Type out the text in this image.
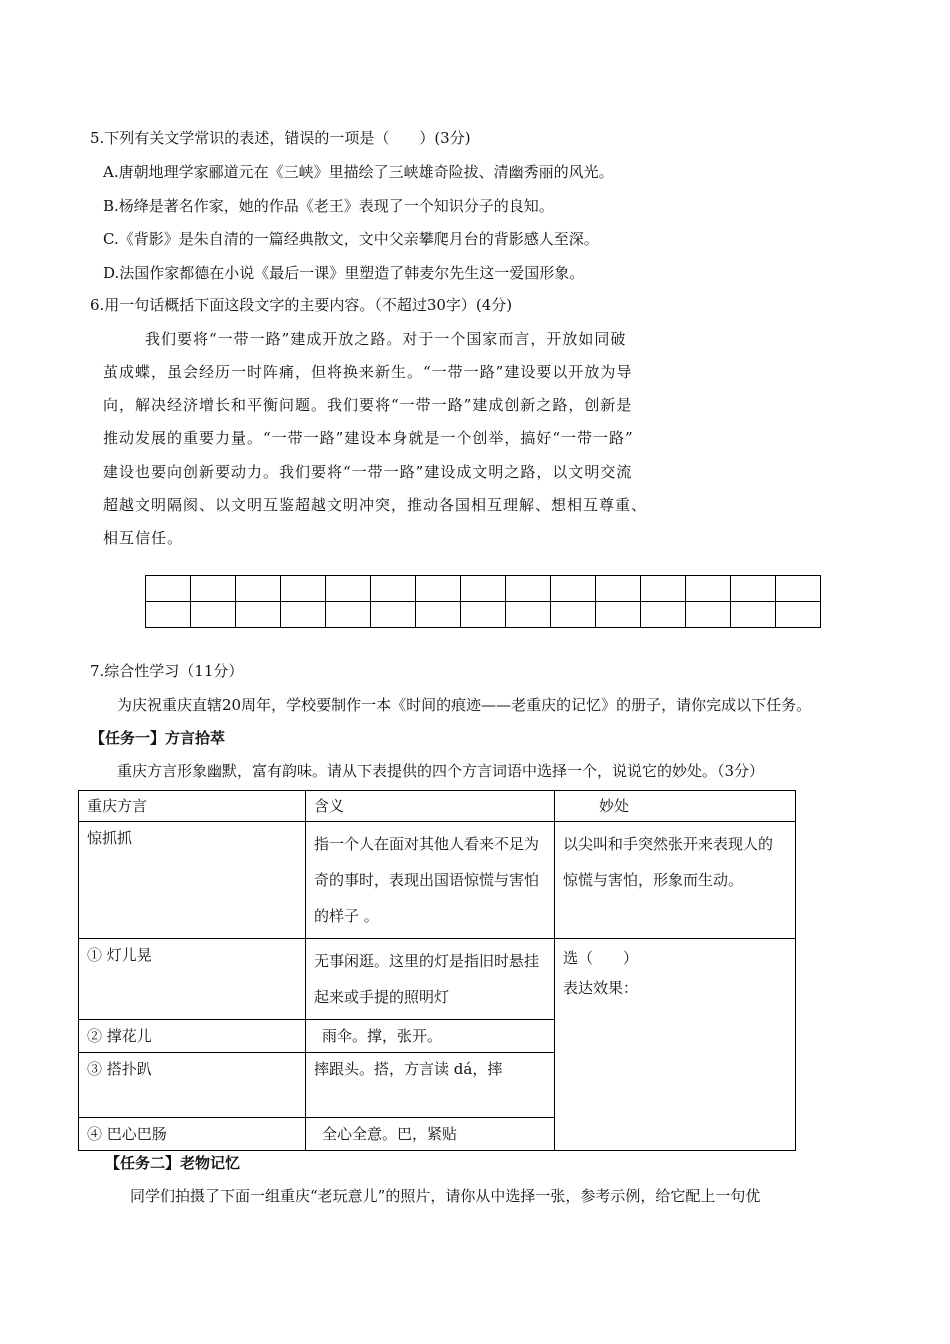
5.下列有关文学常识的表述，错误的一项是（　　）(3分)
A.唐朝地理学家郦道元在《三峡》里描绘了三峡雄奇险拔、清幽秀丽的风光。
B.杨绛是著名作家，她的作品《老王》表现了一个知识分子的良知。
C.《背影》是朱自清的一篇经典散文，文中父亲攀爬月台的背影感人至深。
D.法国作家都德在小说《最后一课》里塑造了韩麦尔先生这一爱国形象。
6.用一句话概括下面这段文字的主要内容。（不超过30字）(4分)
我们要将“一带一路”建成开放之路。对于一个国家而言，开放如同破
茧成蝶，虽会经历一时阵痛，但将换来新生。“一带一路”建设要以开放为导
向，解决经济增长和平衡问题。我们要将“一带一路”建成创新之路，创新是
推动发展的重要力量。“一带一路”建设本身就是一个创举，搞好“一带一路”
建设也要向创新要动力。我们要将“一带一路”建设成文明之路，以文明交流
超越文明隔阂、以文明互鉴超越文明冲突，推动各国相互理解、想相互尊重、
相互信任。

7.综合性学习（11分）
为庆祝重庆直辖20周年，学校要制作一本《时间的痕迹——老重庆的记忆》的册子，请你完成以下任务。
【任务一】方言拾萃
重庆方言形象幽默，富有韵味。请从下表提供的四个方言词语中选择一个，说说它的妙处。（3分）
重庆方言	含义	妙处
惊抓抓	指一个人在面对其他人看来不足为奇的事时，表现出国语惊慌与害怕的样子 。	以尖叫和手突然张开来表现人的惊慌与害怕，形象而生动。
① 灯儿晃	无事闲逛。这里的灯是指旧时悬挂起来或手提的照明灯	选（　　）
表达效果：

② 撑花儿	雨伞。撑，张开。	
③ 搭扑趴	摔跟头。搭，方言读 dá，摔	
④ 巴心巴肠	全心全意。巴，紧贴	
【任务二】老物记忆
同学们拍摄了下面一组重庆“老玩意儿”的照片，请你从中选择一张，参考示例，给它配上一句优
